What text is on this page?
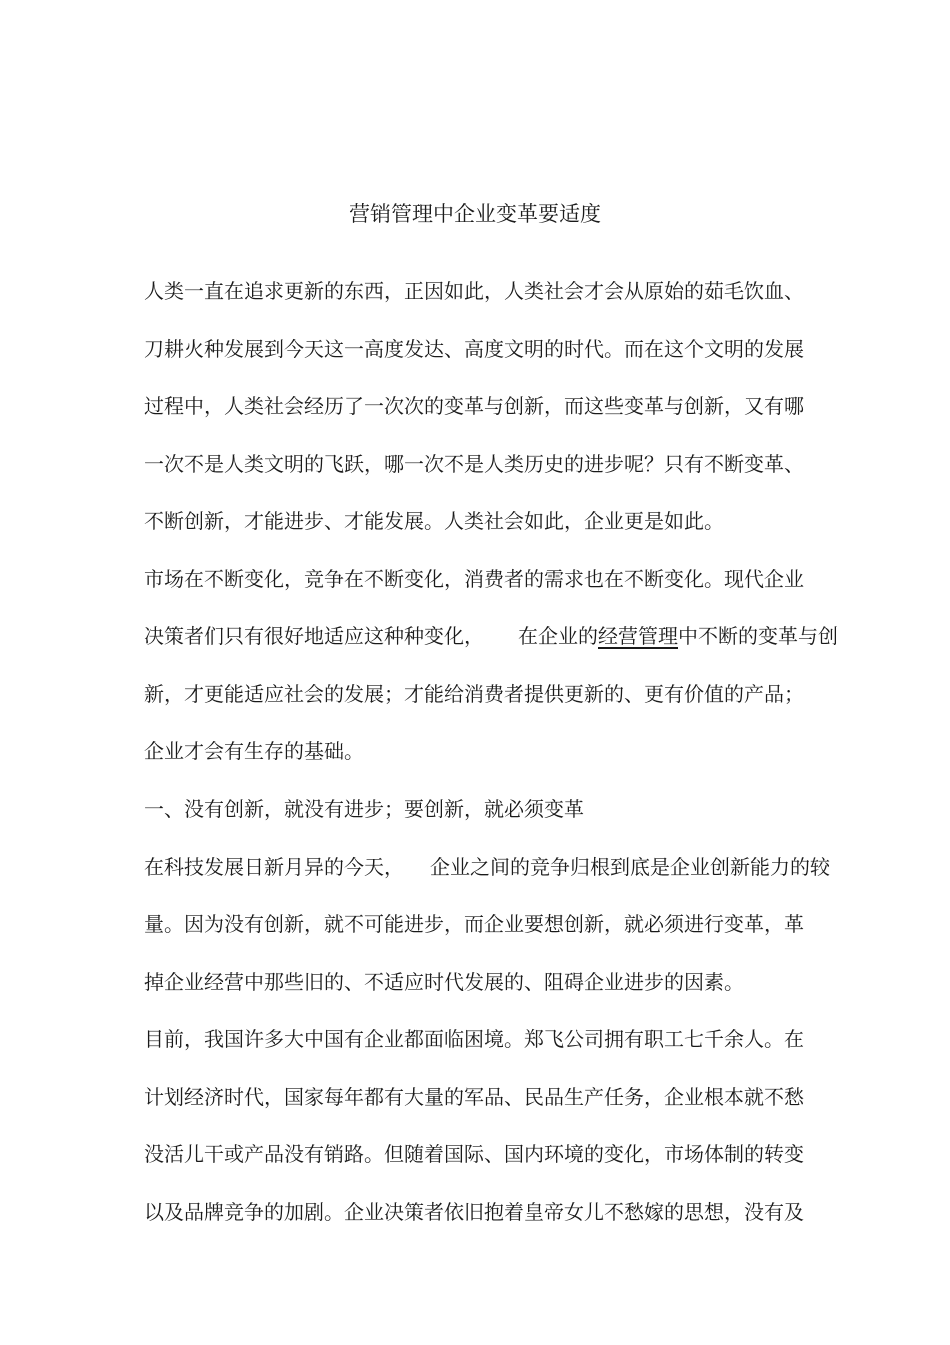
营销管理中企业变革要适度
人类一直在追求更新的东西，正因如此，人类社会才会从原始的茹毛饮血、
刀耕火种发展到今天这一高度发达、高度文明的时代。而在这个文明的发展
过程中，人类社会经历了一次次的变革与创新，而这些变革与创新，又有哪
一次不是人类文明的飞跃，哪一次不是人类历史的进步呢？只有不断变革、
不断创新，才能进步、才能发展。人类社会如此，企业更是如此。
市场在不断变化，竞争在不断变化，消费者的需求也在不断变化。现代企业
决策者们只有很好地适应这种种变化， 在企业的经营管理中不断的变革与创
新，才更能适应社会的发展；才能给消费者提供更新的、更有价值的产品；
企业才会有生存的基础。
一、没有创新，就没有进步；要创新，就必须变革
在科技发展日新月异的今天， 企业之间的竞争归根到底是企业创新能力的较
量。因为没有创新，就不可能进步，而企业要想创新，就必须进行变革，革
掉企业经营中那些旧的、不适应时代发展的、阻碍企业进步的因素。
目前，我国许多大中国有企业都面临困境。郑飞公司拥有职工七千余人。在
计划经济时代，国家每年都有大量的军品、民品生产任务，企业根本就不愁
没活儿干或产品没有销路。但随着国际、国内环境的变化，市场体制的转变
以及品牌竞争的加剧。企业决策者依旧抱着皇帝女儿不愁嫁的思想，没有及
